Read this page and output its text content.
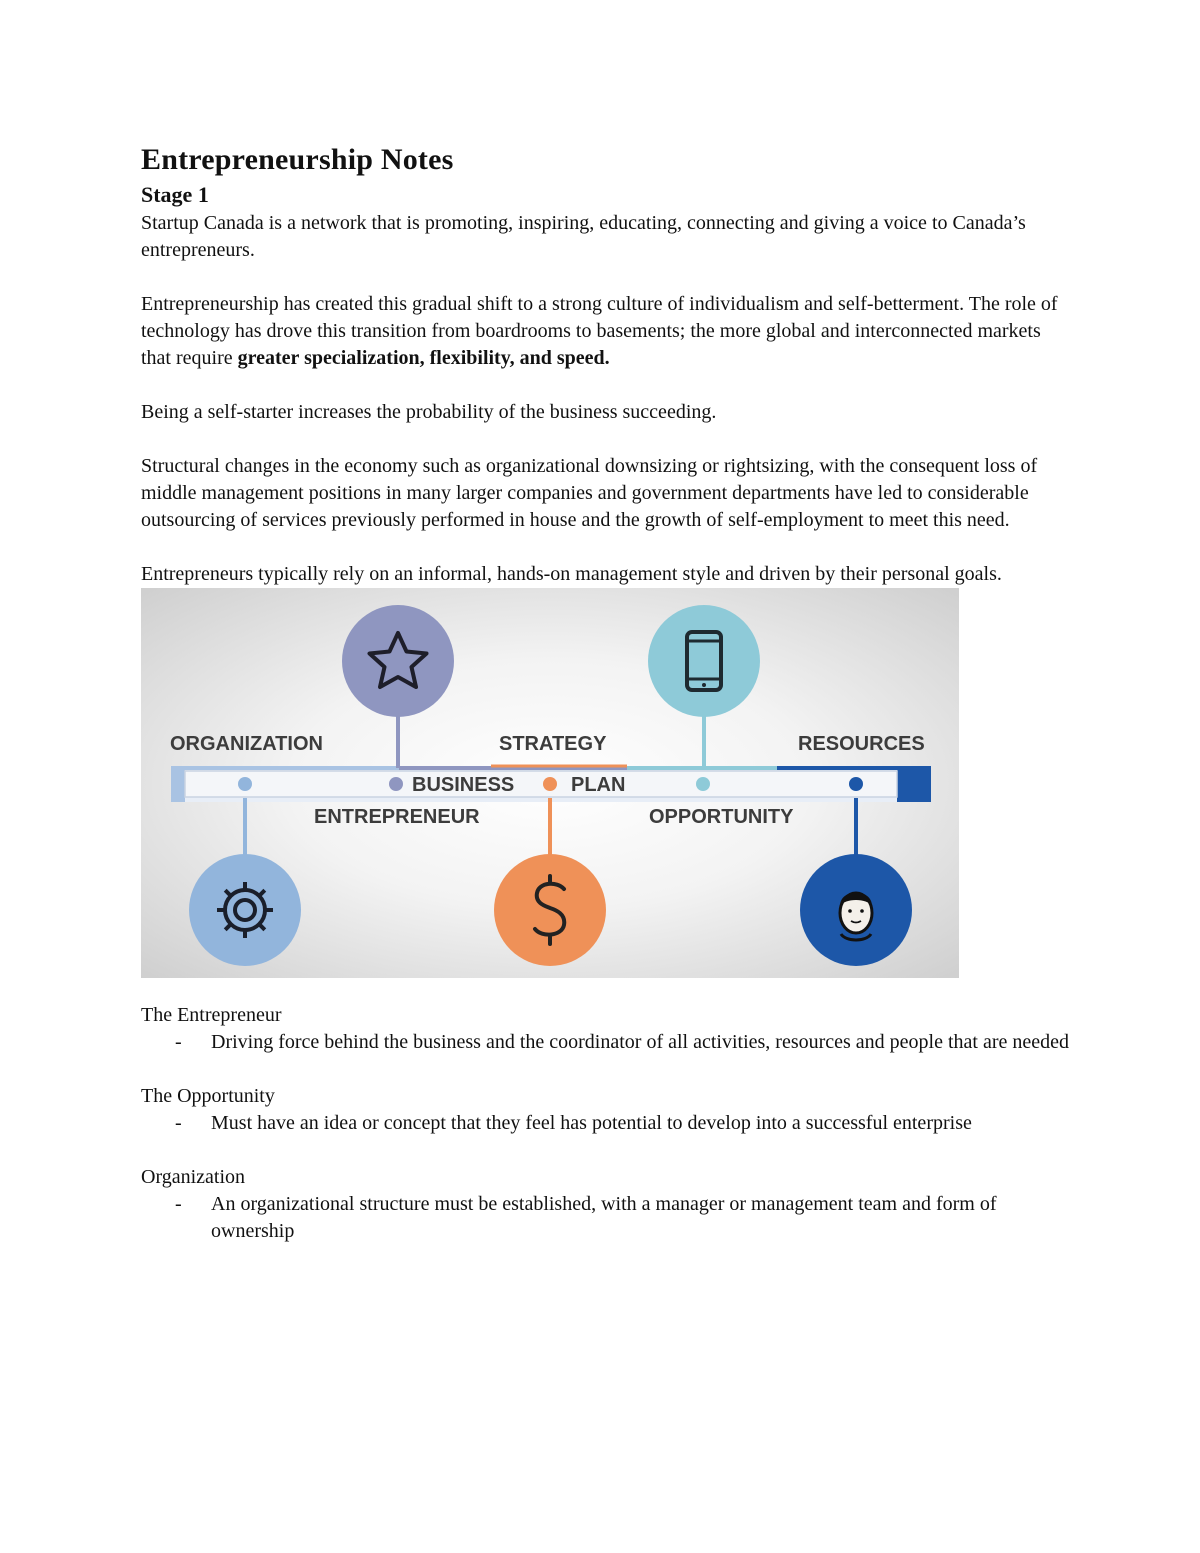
Entrepreneurship Notes
Stage 1

Startup Canada is a network that is promoting, inspiring, educating, connecting and giving a voice to Canada’s entrepreneurs.

Entrepreneurship has created this gradual shift to a strong culture of individualism and self-betterment. The role of technology has drove this transition from boardrooms to basements; the more global and interconnected markets that require greater specialization, flexibility, and speed.

Being a self-starter increases the probability of the business succeeding.

Structural changes in the economy such as organizational downsizing or rightsizing, with the consequent loss of middle management positions in many larger companies and government departments have led to considerable outsourcing of services previously performed in house and the growth of self-employment to meet this need.

Entrepreneurs typically rely on an informal, hands-on management style and driven by their personal goals.

ORGANIZATION	STRATEGY	RESOURCES
BUSINESS	PLAN
ENTREPRENEUR	OPPORTUNITY

The Entrepreneur

- Driving force behind the business and the coordinator of all activities, resources and people that are needed

The Opportunity

- Must have an idea or concept that they feel has potential to develop into a successful enterprise

Organization

- An organizational structure must be established, with a manager or management team and form of ownership
